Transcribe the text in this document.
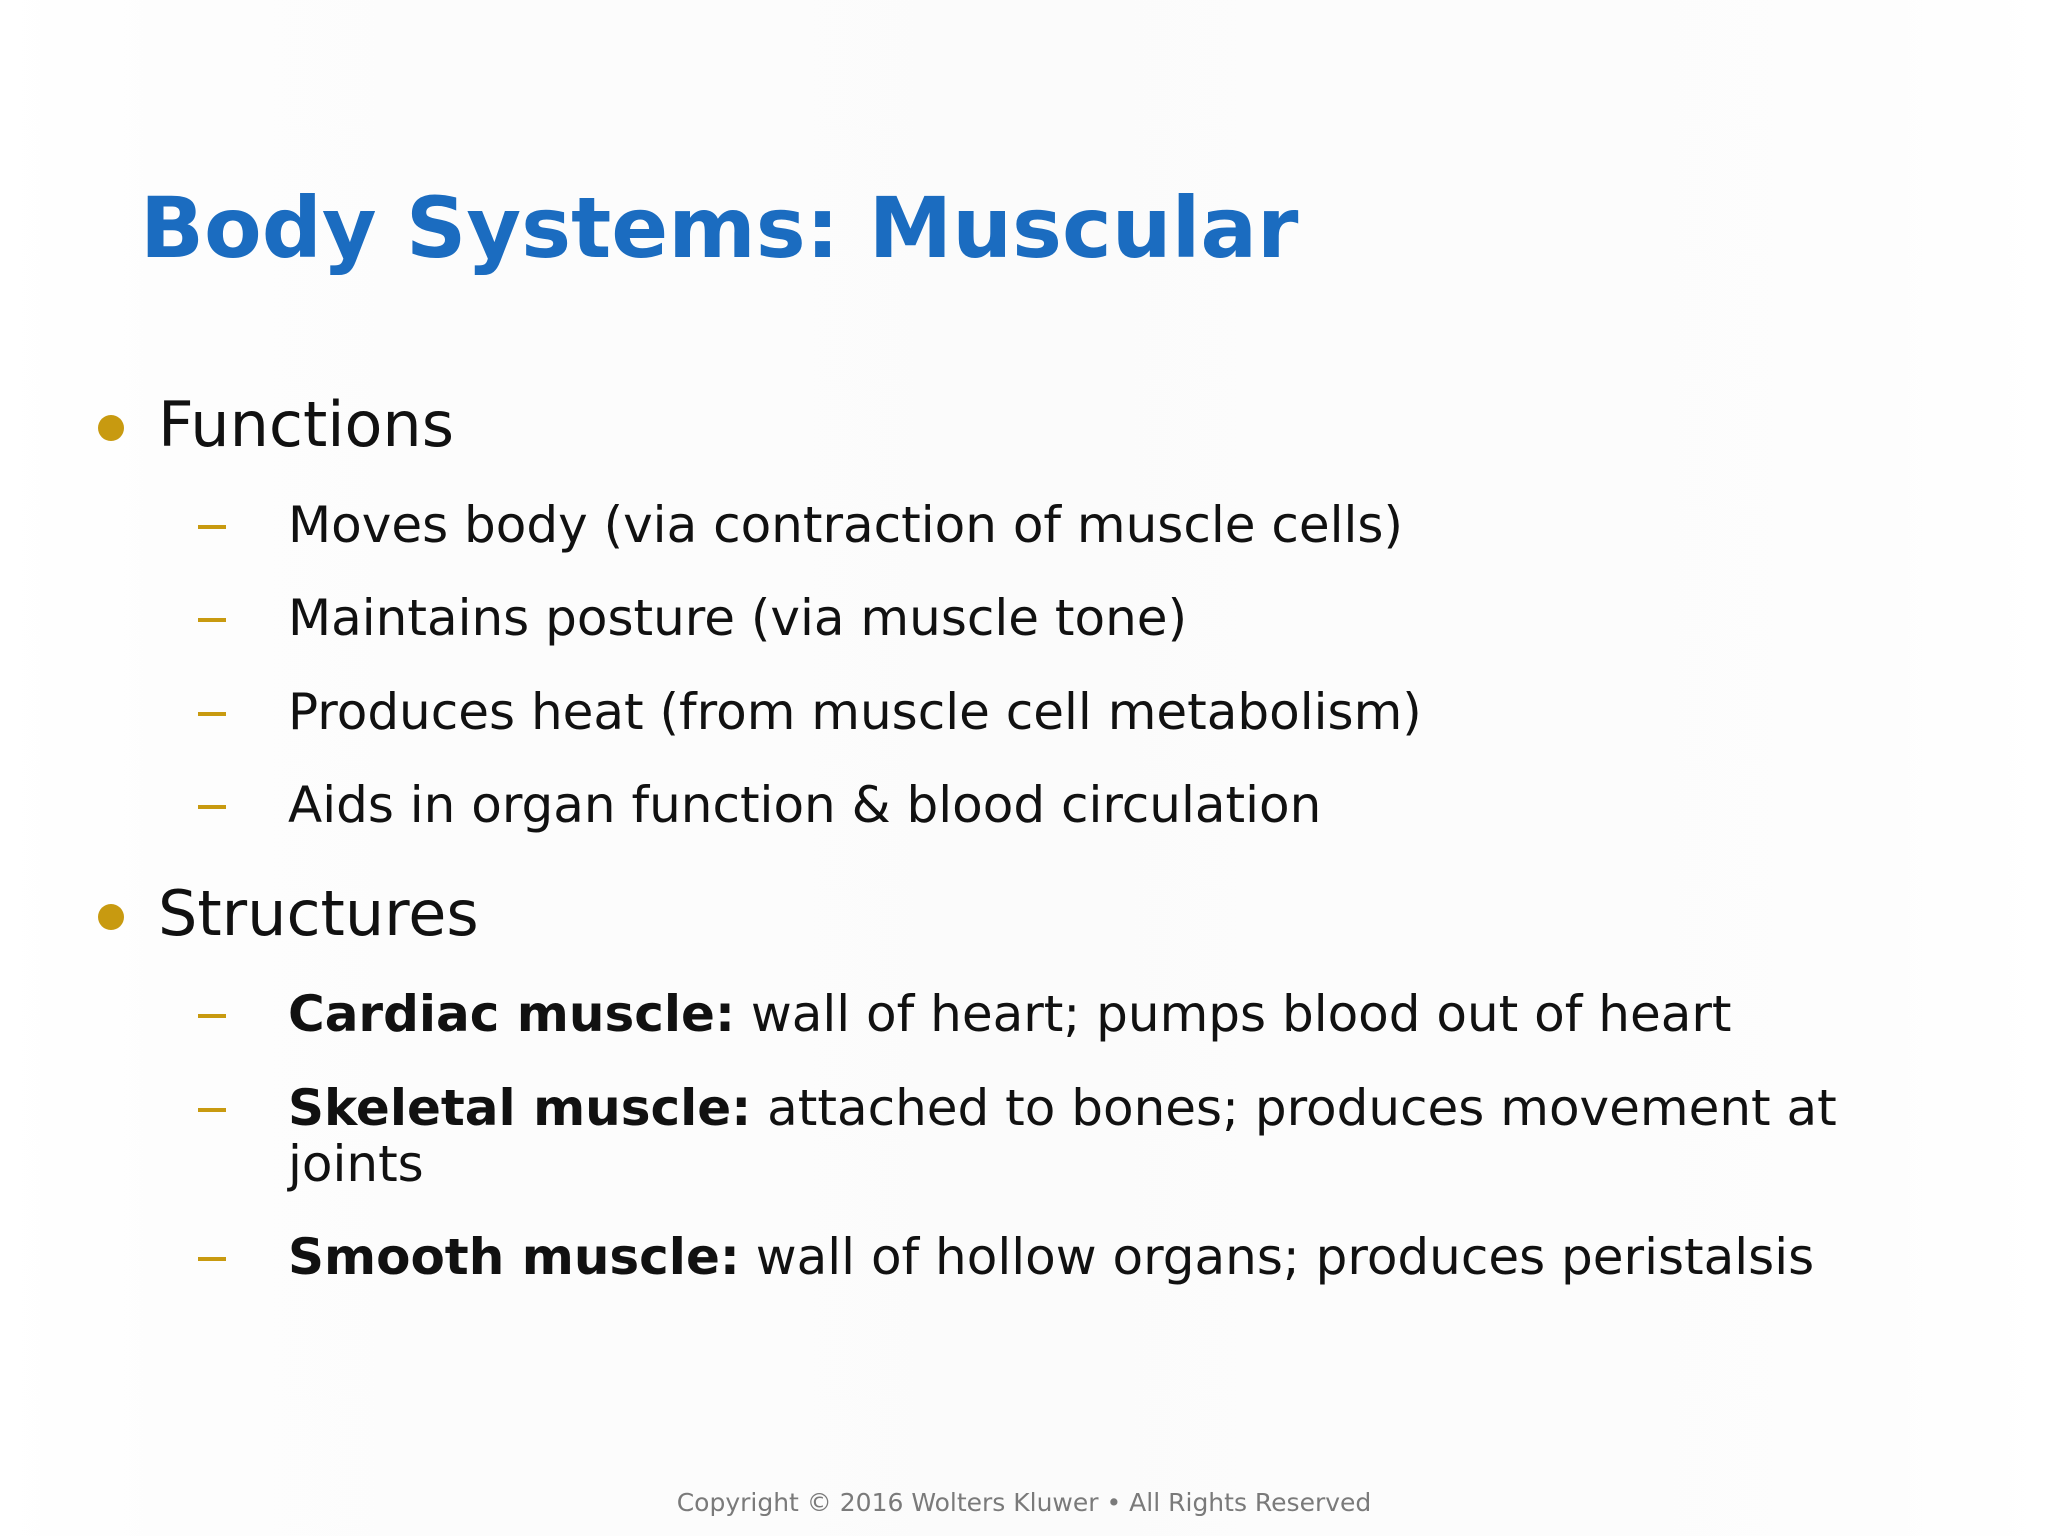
Body Systems: Muscular
Functions
Moves body (via contraction of muscle cells)
Maintains posture (via muscle tone)
Produces heat (from muscle cell metabolism)
Aids in organ function & blood circulation
Structures
Cardiac muscle: wall of heart; pumps blood out of heart
Skeletal muscle: attached to bones; produces movement at joints
Smooth muscle: wall of hollow organs; produces peristalsis
Copyright © 2016 Wolters Kluwer • All Rights Reserved
